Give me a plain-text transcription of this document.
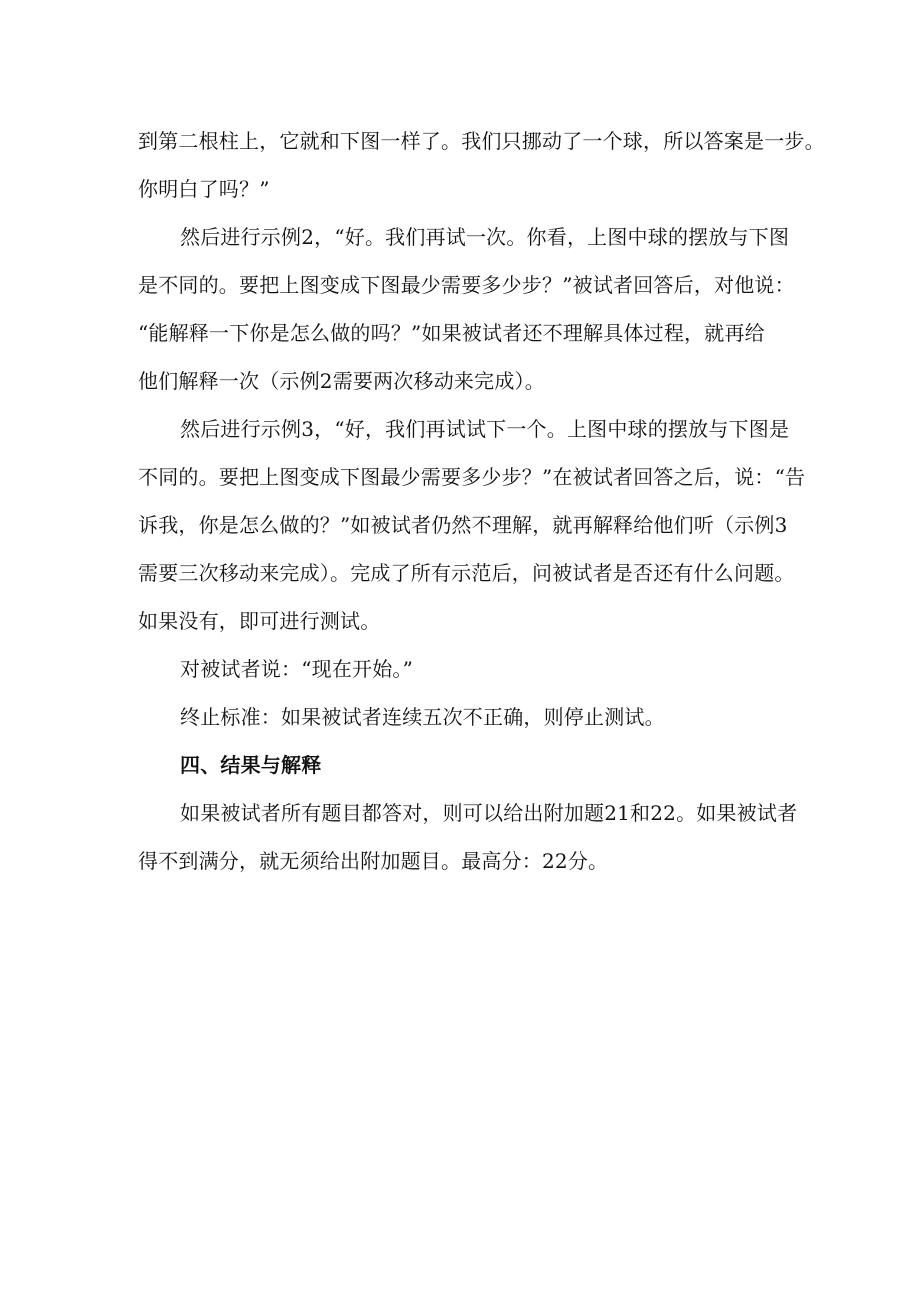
到第二根柱上，它就和下图一样了。我们只挪动了一个球，所以答案是一步。
你明白了吗？”
然后进行示例2，“好。我们再试一次。你看，上图中球的摆放与下图
是不同的。要把上图变成下图最少需要多少步？”被试者回答后，对他说：
“能解释一下你是怎么做的吗？”如果被试者还不理解具体过程，就再给
他们解释一次（示例2需要两次移动来完成）。
然后进行示例3，“好，我们再试试下一个。上图中球的摆放与下图是
不同的。要把上图变成下图最少需要多少步？”在被试者回答之后，说：“告
诉我，你是怎么做的？”如被试者仍然不理解，就再解释给他们听（示例3
需要三次移动来完成）。完成了所有示范后，问被试者是否还有什么问题。
如果没有，即可进行测试。
对被试者说：“现在开始。”
终止标准：如果被试者连续五次不正确，则停止测试。
四、结果与解释
如果被试者所有题目都答对，则可以给出附加题21和22。如果被试者
得不到满分，就无须给出附加题目。最高分：22分。
